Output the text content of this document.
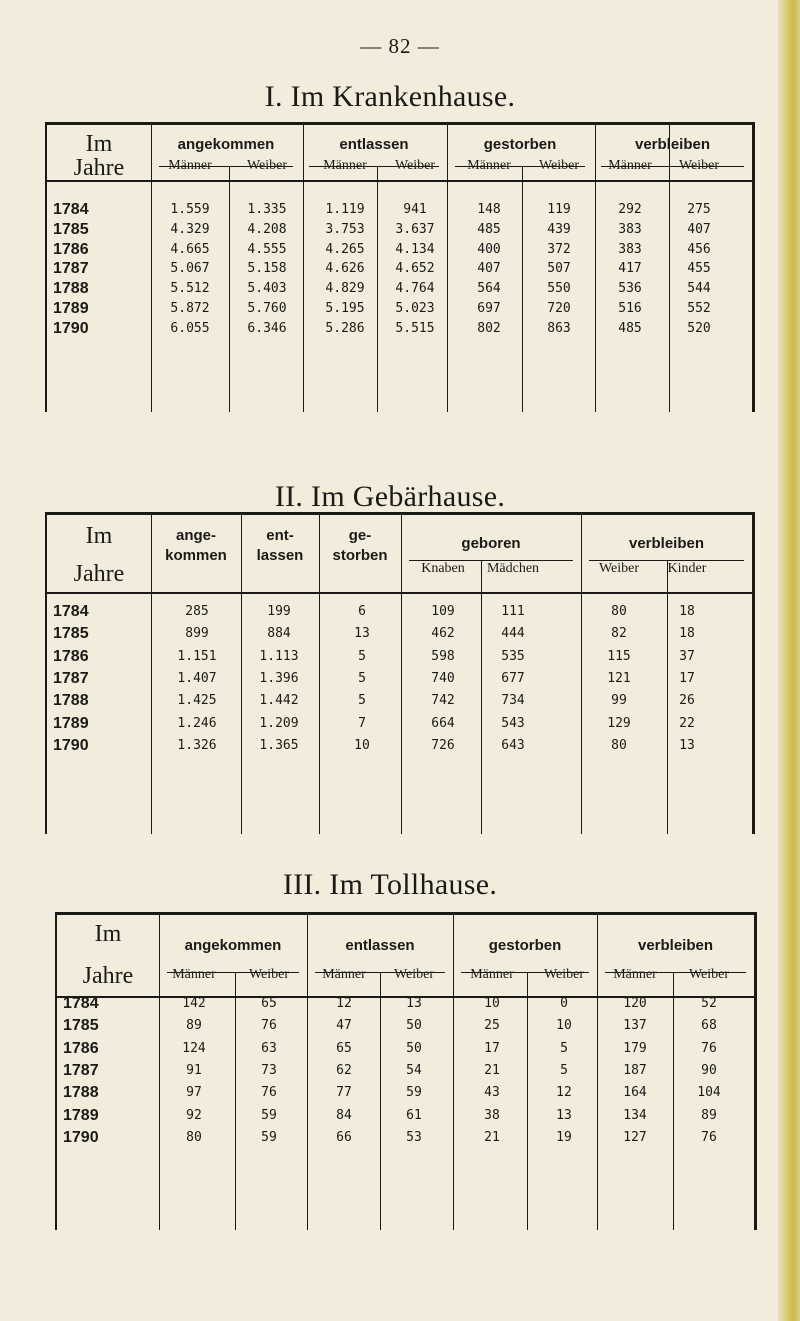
— 82 —
I. Im Krankenhause.
Im
Jahre
angekommen	entlassen	gestorben	verbleiben
Männer	Weiber	Männer	Weiber	Männer	Weiber	Männer	Weiber
1784	1.559	1.335	1.119	941	148	119	292	275
1785	4.329	4.208	3.753	3.637	485	439	383	407
1786	4.665	4.555	4.265	4.134	400	372	383	456
1787	5.067	5.158	4.626	4.652	407	507	417	455
1788	5.512	5.403	4.829	4.764	564	550	536	544
1789	5.872	5.760	5.195	5.023	697	720	516	552
1790	6.055	6.346	5.286	5.515	802	863	485	520
II. Im Gebärhause.
Im
Jahre
ange-
kommen
ent-
lassen
ge-
storben
geboren	verbleiben
Knaben	Mädchen	Weiber	Kinder
1784	285	199	6	109	111	80	18
1785	899	884	13	462	444	82	18
1786	1.151	1.113	5	598	535	115	37
1787	1.407	1.396	5	740	677	121	17
1788	1.425	1.442	5	742	734	99	26
1789	1.246	1.209	7	664	543	129	22
1790	1.326	1.365	10	726	643	80	13
III. Im Tollhause.
Im
Jahre
angekommen	entlassen	gestorben	verbleiben
Männer	Weiber	Männer	Weiber	Männer	Weiber	Männer	Weiber
1784	142	65	12	13	10	0	120	52
1785	89	76	47	50	25	10	137	68
1786	124	63	65	50	17	5	179	76
1787	91	73	62	54	21	5	187	90
1788	97	76	77	59	43	12	164	104
1789	92	59	84	61	38	13	134	89
1790	80	59	66	53	21	19	127	76
